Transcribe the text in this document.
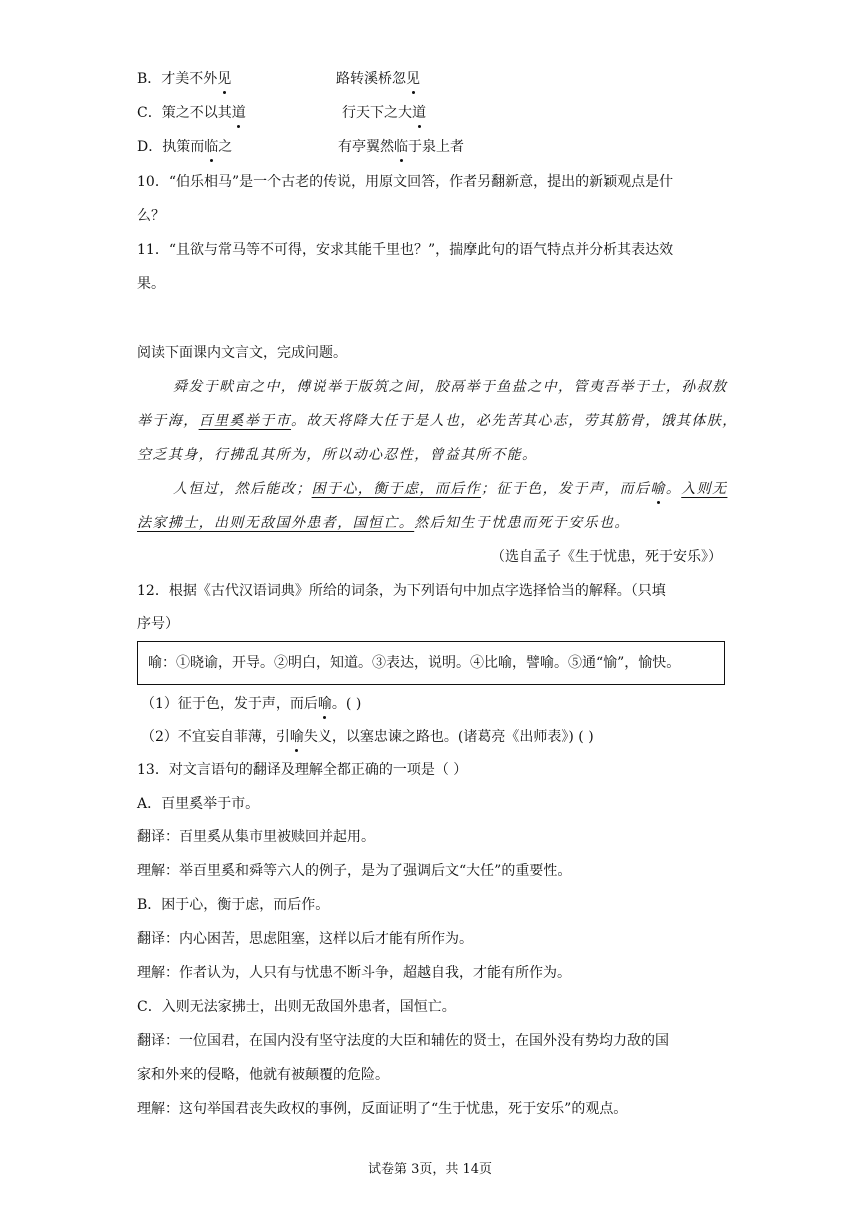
B．才美不外见	路转溪桥忽见
C．策之不以其道	行天下之大道
D．执策而临之	有亭翼然临于泉上者
10．“伯乐相马”是一个古老的传说，用原文回答，作者另翻新意，提出的新颖观点是什
么？
11．“且欲与常马等不可得，安求其能千里也？”，揣摩此句的语气特点并分析其表达效
果。
阅读下面课内文言文，完成问题。
舜发于畎亩之中，傅说举于版筑之间，胶鬲举于鱼盐之中，管夷吾举于士，孙叔敖
举于海，百里奚举于市。故天将降大任于是人也，必先苦其心志，劳其筋骨，饿其体肤，
空乏其身，行拂乱其所为，所以动心忍性，曾益其所不能。
人恒过，然后能改；困于心，衡于虑，而后作；征于色，发于声，而后喻。入则无
法家拂士，出则无敌国外患者，国恒亡。然后知生于忧患而死于安乐也。
（选自孟子《生于忧患，死于安乐》）
12．根据《古代汉语词典》所给的词条，为下列语句中加点字选择恰当的解释。（只填
序号）
喻：①晓谕，开导。②明白，知道。③表达，说明。④比喻，譬喻。⑤通“愉”，愉快。
（1）征于色，发于声，而后喻。( )
（2）不宜妄自菲薄，引喻失义，以塞忠谏之路也。(诸葛亮《出师表》) ( )
13．对文言语句的翻译及理解全都正确的一项是（ ）
A．百里奚举于市。
翻译：百里奚从集市里被赎回并起用。
理解：举百里奚和舜等六人的例子，是为了强调后文“大任”的重要性。
B．困于心，衡于虑，而后作。
翻译：内心困苦，思虑阻塞，这样以后才能有所作为。
理解：作者认为，人只有与忧患不断斗争，超越自我，才能有所作为。
C．入则无法家拂士，出则无敌国外患者，国恒亡。
翻译：一位国君，在国内没有坚守法度的大臣和辅佐的贤士，在国外没有势均力敌的国
家和外来的侵略，他就有被颠覆的危险。
理解：这句举国君丧失政权的事例，反面证明了“生于忧患，死于安乐”的观点。
试卷第 3页，共 14页
